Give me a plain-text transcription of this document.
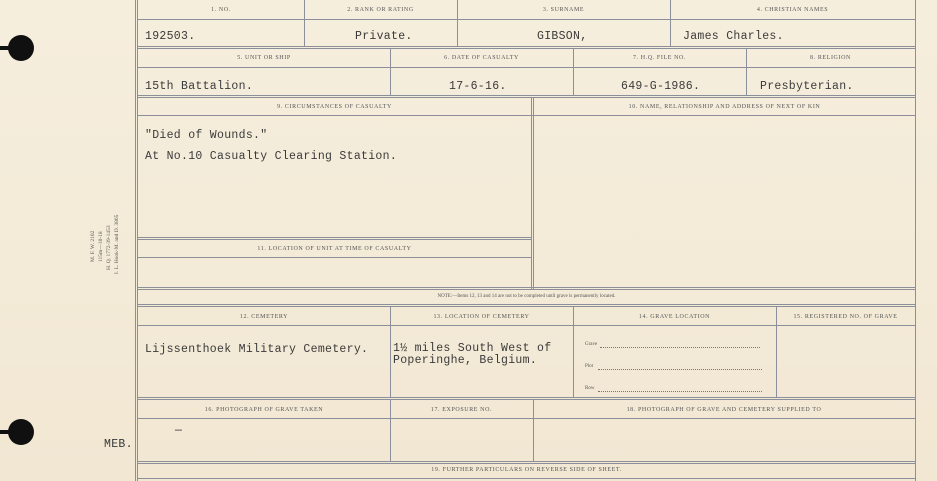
M. F. W. 2102 115m—10-18 H. Q. 1772-39-1453 I. L. Hook-M. and D. 3865
1. NO.	2. RANK OR RATING	3. SURNAME	4. CHRISTIAN NAMES
192503.	Private.	GIBSON,	James Charles.
5. UNIT OR SHIP	6. DATE OF CASUALTY	7. H.Q. FILE NO.	8. RELIGION
15th Battalion.	17-6-16.	649-G-1986.	Presbyterian.
9. CIRCUMSTANCES OF CASUALTY	10. NAME, RELATIONSHIP AND ADDRESS OF NEXT OF KIN
"Died of Wounds."
At No.10 Casualty Clearing Station.
11. LOCATION OF UNIT AT TIME OF CASUALTY
NOTE:—Items 12, 13 and 14 are not to be completed until grave is permanently located.
12. CEMETERY	13. LOCATION OF CEMETERY	14. GRAVE LOCATION	15. REGISTERED NO. OF GRAVE
Lijssenthoek Military Cemetery. 1½ miles South West of
Poperinghe, Belgium.
Grave
Plot
Row
16. PHOTOGRAPH OF GRAVE TAKEN	17. EXPOSURE NO.	18. PHOTOGRAPH OF GRAVE AND CEMETERY SUPPLIED TO
—
MEB.
19. FURTHER PARTICULARS ON REVERSE SIDE OF SHEET.
